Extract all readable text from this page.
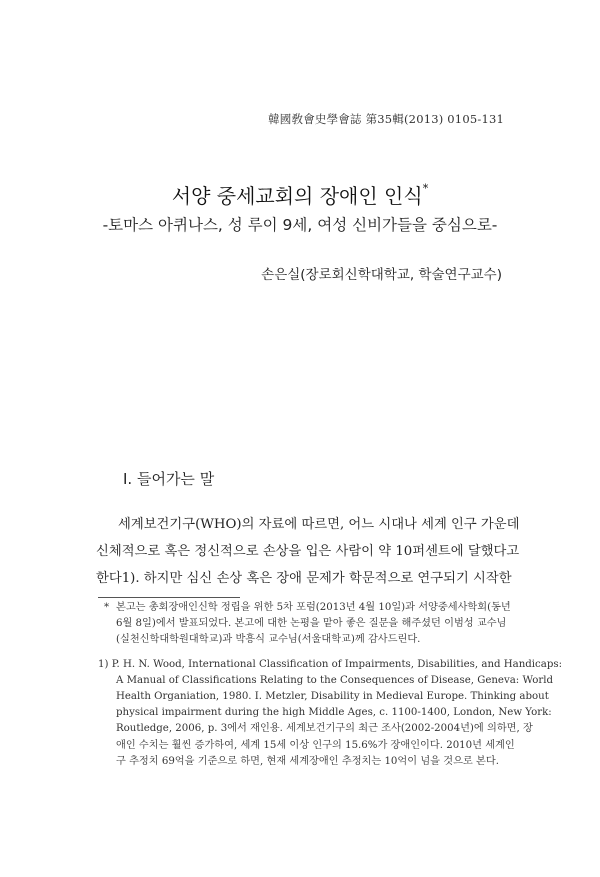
韓國敎會史學會誌 第35輯(2013) 0105-131
서양 중세교회의 장애인 인식*
-토마스 아퀴나스, 성 루이 9세, 여성 신비가들을 중심으로-
손은실(장로회신학대학교, 학술연구교수)
Ⅰ. 들어가는 말
세계보건기구(WHO)의 자료에 따르면, 어느 시대나 세계 인구 가운데
신체적으로 혹은 정신적으로 손상을 입은 사람이 약 10퍼센트에 달했다고
한다1). 하지만 심신 손상 혹은 장애 문제가 학문적으로 연구되기 시작한
* 본고는 총회장애인신학 정립을 위한 5차 포럼(2013년 4월 10일)과 서양중세사학회(동년
6월 8일)에서 발표되었다. 본고에 대한 논평을 맡아 좋은 질문을 해주셨던 이범성 교수님
(실천신학대학원대학교)과 박흥식 교수님(서울대학교)께 감사드린다.
1) P. H. N. Wood, International Classification of Impairments, Disabilities, and Handicaps:
A Manual of Classifications Relating to the Consequences of Disease, Geneva: World
Health Organiation, 1980. I. Metzler, Disability in Medieval Europe. Thinking about
physical impairment during the high Middle Ages, c. 1100-1400, London, New York:
Routledge, 2006, p. 3에서 재인용. 세계보건기구의 최근 조사(2002-2004년)에 의하면, 장
애인 수치는 훨씬 증가하여, 세계 15세 이상 인구의 15.6%가 장애인이다. 2010년 세계인
구 추정치 69억을 기준으로 하면, 현재 세계장애인 추정치는 10억이 넘을 것으로 본다.
